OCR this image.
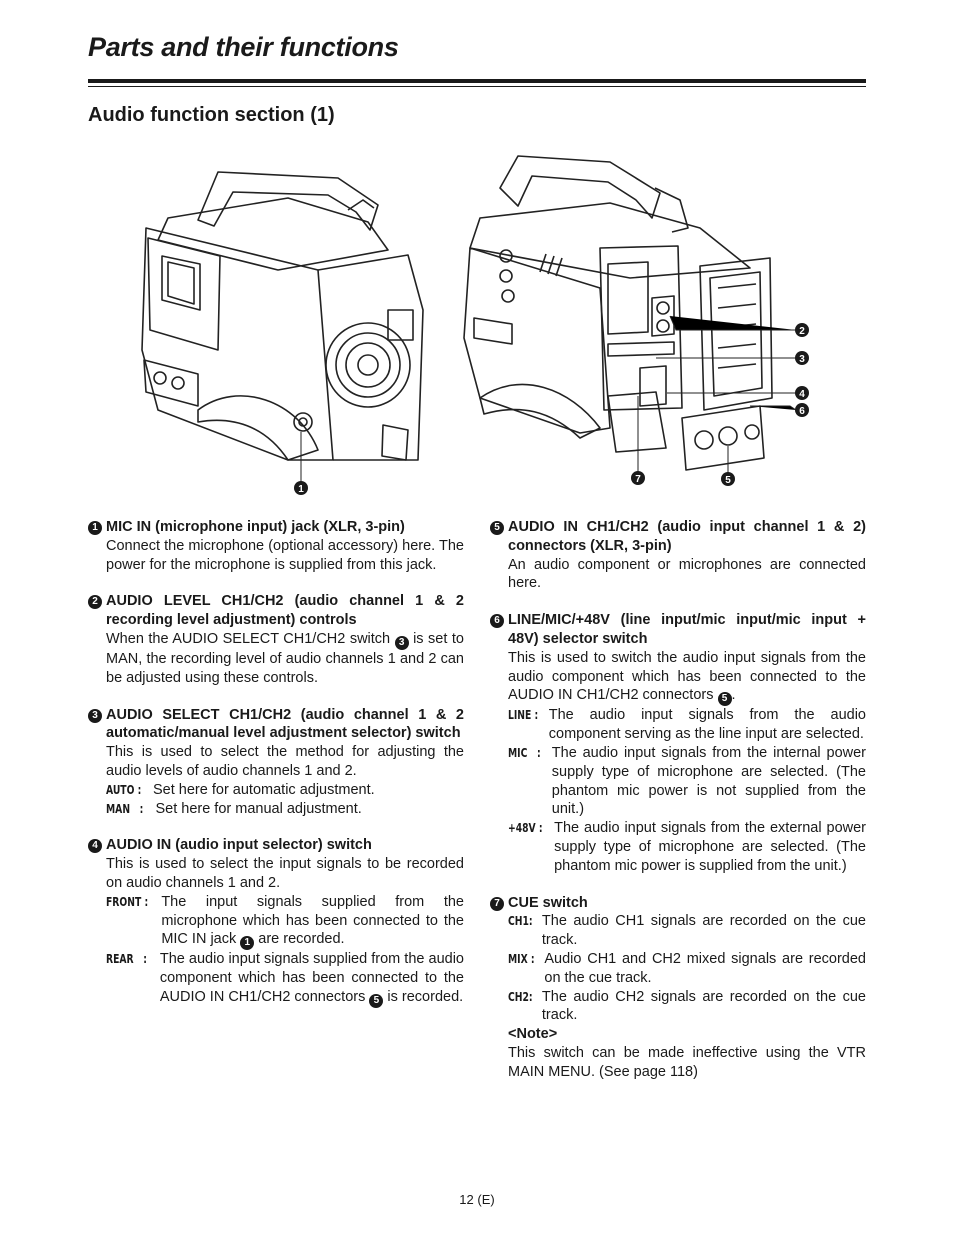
Parts and their functions
Audio function section (1)
1
2
3
4
6
7	5
1 MIC IN (microphone input) jack (XLR, 3-pin)
Connect the microphone (optional accessory) here. The power for the microphone is supplied from this jack.
2 AUDIO LEVEL CH1/CH2 (audio channel 1 & 2 recording level adjustment) controls
When the AUDIO SELECT CH1/CH2 switch 3 is set to MAN, the recording level of audio channels 1 and 2 can be adjusted using these controls.
3 AUDIO SELECT CH1/CH2 (audio channel 1 & 2 automatic/manual level adjustment selector) switch
This is used to select the method for adjusting the audio levels of audio channels 1 and 2.
AUTO : Set here for automatic adjustment.
MAN   : Set here for manual adjustment.
4 AUDIO IN (audio input selector) switch
This is used to select the input signals to be recorded on audio channels 1 and 2.
FRONT : The input signals supplied from the microphone which has been connected to the MIC IN jack 1 are recorded.
REAR   : The audio input signals supplied from the audio component which has been connected to the AUDIO IN CH1/CH2 connectors 5 is recorded.
5 AUDIO IN CH1/CH2 (audio input channel 1 & 2) connectors (XLR, 3-pin)
An audio component or microphones are connected here.
6 LINE/MIC/+48V (line input/mic input/mic input + 48V) selector switch
This is used to switch the audio input signals from the audio component which has been connected to the AUDIO IN CH1/CH2 connectors 5 .
LINE : The audio input signals from the audio component serving as the line input are selected.
MIC   : The audio input signals from the internal power supply type of microphone are selected. (The phantom mic power is not supplied from the unit.)
+48V : The audio input signals from the external power supply type of microphone are selected. (The phantom mic power is supplied from the unit.)
7 CUE switch
CH1: The audio CH1 signals are recorded on the cue track.
MIX : Audio CH1 and CH2 mixed signals are recorded on the cue track.
CH2: The audio CH2 signals are recorded on the cue track.
<Note>
This switch can be made ineffective using the VTR MAIN MENU. (See page 118)
12 (E)
